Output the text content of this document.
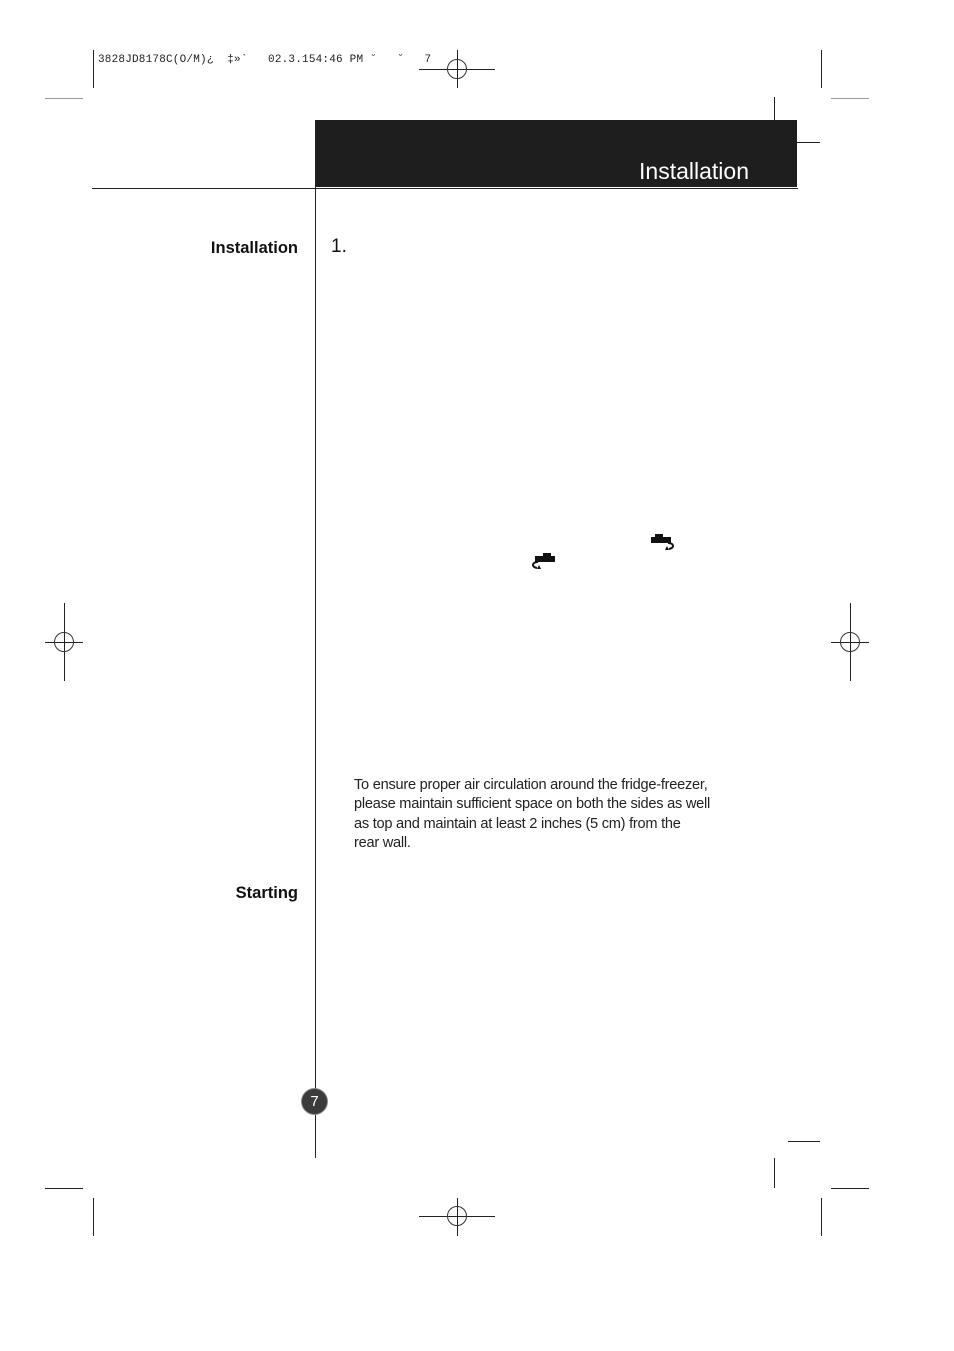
3828JD8178C(O/M)¿  ‡»`   02.3.154:46 PM ˘   ˘   7
Installation
Installation
Starting
1.
To ensure proper air circulation around the fridge-freezer,
please maintain sufficient space on both the sides as well
as top and maintain at least 2 inches (5 cm) from the
rear wall.
7
